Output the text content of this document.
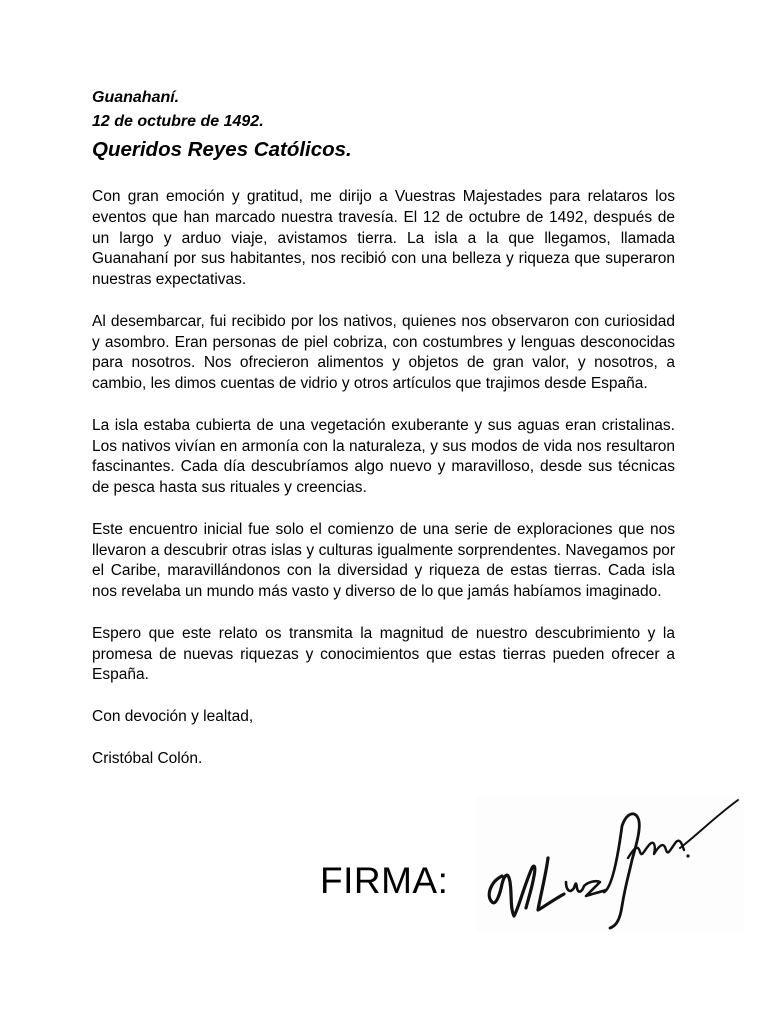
Guanahaní.
12 de octubre de 1492.
Queridos Reyes Católicos.

Con gran emoción y gratitud, me dirijo a Vuestras Majestades para relataros los eventos que han marcado nuestra travesía. El 12 de octubre de 1492, después de un largo y arduo viaje, avistamos tierra. La isla a la que llegamos, llamada Guanahaní por sus habitantes, nos recibió con una belleza y riqueza que superaron nuestras expectativas.

Al desembarcar, fui recibido por los nativos, quienes nos observaron con curiosidad y asombro. Eran personas de piel cobriza, con costumbres y lenguas desconocidas para nosotros. Nos ofrecieron alimentos y objetos de gran valor, y nosotros, a cambio, les dimos cuentas de vidrio y otros artículos que trajimos desde España.

La isla estaba cubierta de una vegetación exuberante y sus aguas eran cristalinas. Los nativos vivían en armonía con la naturaleza, y sus modos de vida nos resultaron fascinantes. Cada día descubríamos algo nuevo y maravilloso, desde sus técnicas de pesca hasta sus rituales y creencias.

Este encuentro inicial fue solo el comienzo de una serie de exploraciones que nos llevaron a descubrir otras islas y culturas igualmente sorprendentes. Navegamos por el Caribe, maravillándonos con la diversidad y riqueza de estas tierras. Cada isla nos revelaba un mundo más vasto y diverso de lo que jamás habíamos imaginado.

Espero que este relato os transmita la magnitud de nuestro descubrimiento y la promesa de nuevas riquezas y conocimientos que estas tierras pueden ofrecer a España.

Con devoción y lealtad,

Cristóbal Colón.

FIRMA:
